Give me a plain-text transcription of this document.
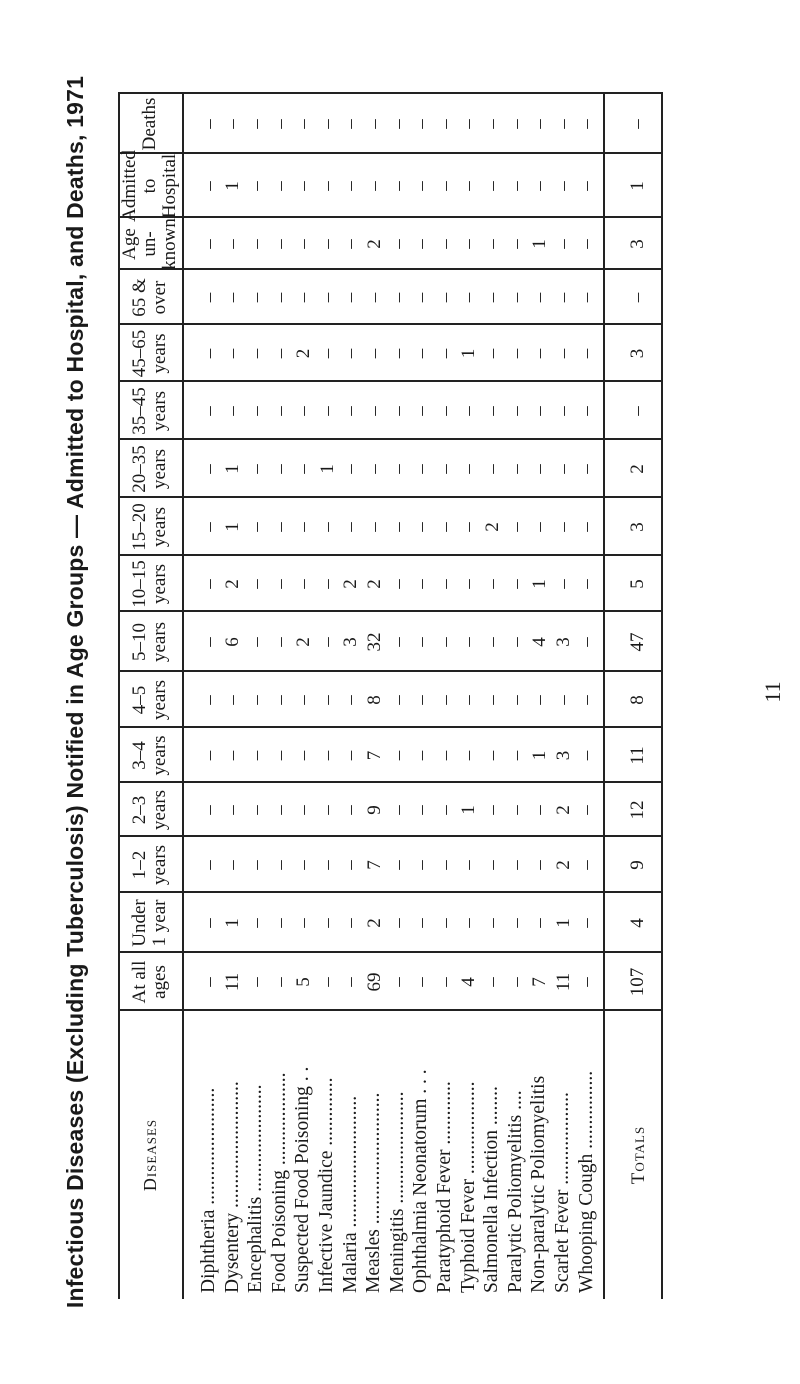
Infectious Diseases (Excluding Tuberculosis) Notified in Age Groups — Admitted to Hospital, and Deaths, 1971	Diseases
At all ages
Under 1 year
1–2 years
2–3 years
3–4 years
4–5 years
5–10 years
10–15 years
15–20 years
20–35 years
35–45 years
45–65 years
65 & over
Age un- known
Admitted to Hospital
Deaths
Diphtheria ........................
–
–
–
–
–
–
–
–
–
–
–
–
–
–
–
–
Dysentery ..........................
11
1
–
–
–
–
6
2
1
1
–
–
–
–
1
–
Encephalitis ......................
–
–
–
–
–
–
–
–
–
–
–
–
–
–
–
–
Food Poisoning ...................
–
–
–
–
–
–
–
–
–
–
–
–
–
–
–
–
Suspected Food Poisoning . .
5
–
–
–
–
–
2
–
–
–
–
2
–
–
–
–
Infective Jaundice ..............
–
–
–
–
–
–
–
–
–
1
–
–
–
–
–
–
Malaria ...........................
–
–
–
–
–
–
3
2
–
–
–
–
–
–
–
–
Measles ...........................
69
2
7
9
7
8
32
2
–
–
–
–
–
2
–
–
Meningitis .......................
–
–
–
–
–
–
–
–
–
–
–
–
–
–
–
–
Ophthalmia Neonatorum . . .
–
–
–
–
–
–
–
–
–
–
–
–
–
–
–
–
Paratyphoid Fever .............
–
–
–
–
–
–
–
–
–
–
–
–
–
–
–
–
Typhoid Fever ...................
4
–
–
1
–
–
–
–
–
–
–
1
–
–
–
–
Salmonella Infection ........
–
–
–
–
–
–
–
–
2
–
–
–
–
–
–
–
Paralytic Poliomyelitis ....
–
–
–
–
–
–
–
–
–
–
–
–
–
–
–
–
Non-paralytic Poliomyelitis
7
–
–
–
1
–
4
1
–
–
–
–
–
1
–
–
Scarlet Fever ...................
11
1
2
2
3
–
3
–
–
–
–
–
–
–
–
–
Whooping Cough ................
–
–
–
–
–
–
–
–
–
–
–
–
–
–
–
–
Totals
107
4
9
12
11
8
47
5
3
2
–
3
–
3
1
–
11
